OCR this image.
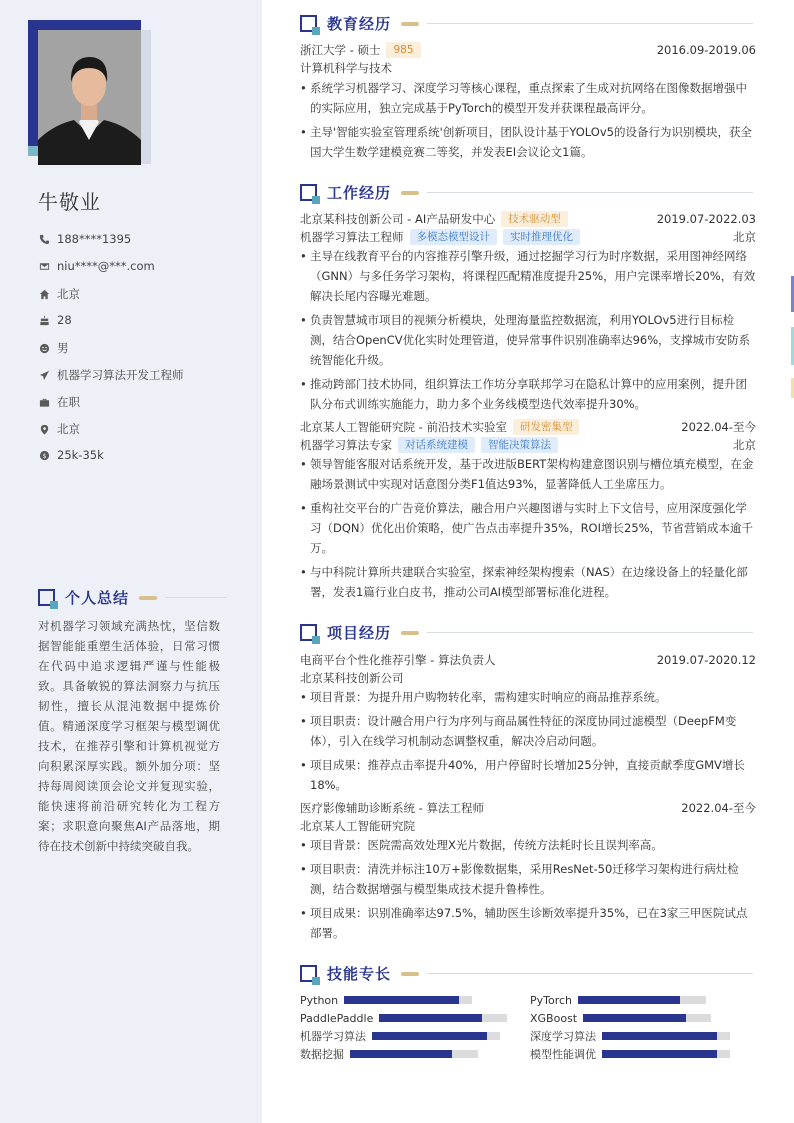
牛敬业
188****1395
niu****@***.com
北京
28
男
机器学习算法开发工程师
在职
北京
$ 25k-35k
个人总结
对机器学习领域充满热忱，坚信数据智能能重塑生活体验，日常习惯在代码中追求逻辑严谨与性能极致。具备敏锐的算法洞察力与抗压韧性，擅长从混沌数据中提炼价值。精通深度学习框架与模型调优技术，在推荐引擎和计算机视觉方向积累深厚实践。额外加分项：坚持每周阅读顶会论文并复现实验，能快速将前沿研究转化为工程方案；求职意向聚焦AI产品落地，期待在技术创新中持续突破自我。
教育经历
浙江大学 - 硕士	985	2016.09-2019.06
计算机科学与技术
• 系统学习机器学习、深度学习等核心课程，重点探索了生成对抗网络在图像数据增强中的实际应用，独立完成基于PyTorch的模型开发并获课程最高评分。
• 主导'智能实验室管理系统'创新项目，团队设计基于YOLOv5的设备行为识别模块，获全国大学生数学建模竞赛二等奖，并发表EI会议论文1篇。
工作经历
北京某科技创新公司 - AI产品研发中心	技术驱动型	2019.07-2022.03
机器学习算法工程师	多模态模型设计	实时推理优化	北京
• 主导在线教育平台的内容推荐引擎升级，通过挖掘学习行为时序数据，采用图神经网络（GNN）与多任务学习架构，将课程匹配精准度提升25%，用户完课率增长20%，有效解决长尾内容曝光难题。
• 负责智慧城市项目的视频分析模块，处理海量监控数据流，利用YOLOv5进行目标检测，结合OpenCV优化实时处理管道，使异常事件识别准确率达96%，支撑城市安防系统智能化升级。
• 推动跨部门技术协同，组织算法工作坊分享联邦学习在隐私计算中的应用案例，提升团队分布式训练实施能力，助力多个业务线模型迭代效率提升30%。
北京某人工智能研究院 - 前沿技术实验室	研发密集型	2022.04-至今
机器学习算法专家	对话系统建模	智能决策算法	北京
• 领导智能客服对话系统开发，基于改进版BERT架构构建意图识别与槽位填充模型，在金融场景测试中实现对话意图分类F1值达93%，显著降低人工坐席压力。
• 重构社交平台的广告竞价算法，融合用户兴趣图谱与实时上下文信号，应用深度强化学习（DQN）优化出价策略，使广告点击率提升35%，ROI增长25%，节省营销成本逾千万。
• 与中科院计算所共建联合实验室，探索神经架构搜索（NAS）在边缘设备上的轻量化部署，发表1篇行业白皮书，推动公司AI模型部署标准化进程。
项目经历
电商平台个性化推荐引擎 - 算法负责人	2019.07-2020.12
北京某科技创新公司
• 项目背景：为提升用户购物转化率，需构建实时响应的商品推荐系统。
• 项目职责：设计融合用户行为序列与商品属性特征的深度协同过滤模型（DeepFM变体），引入在线学习机制动态调整权重，解决冷启动问题。
• 项目成果：推荐点击率提升40%，用户停留时长增加25分钟，直接贡献季度GMV增长18%。
医疗影像辅助诊断系统 - 算法工程师	2022.04-至今
北京某人工智能研究院
• 项目背景：医院需高效处理X光片数据，传统方法耗时长且误判率高。
• 项目职责：清洗并标注10万+影像数据集，采用ResNet-50迁移学习架构进行病灶检测，结合数据增强与模型集成技术提升鲁棒性。
• 项目成果：识别准确率达97.5%，辅助医生诊断效率提升35%，已在3家三甲医院试点部署。
技能专长
Python	PyTorch
PaddlePaddle	XGBoost
机器学习算法	深度学习算法
数据挖掘	模型性能调优
